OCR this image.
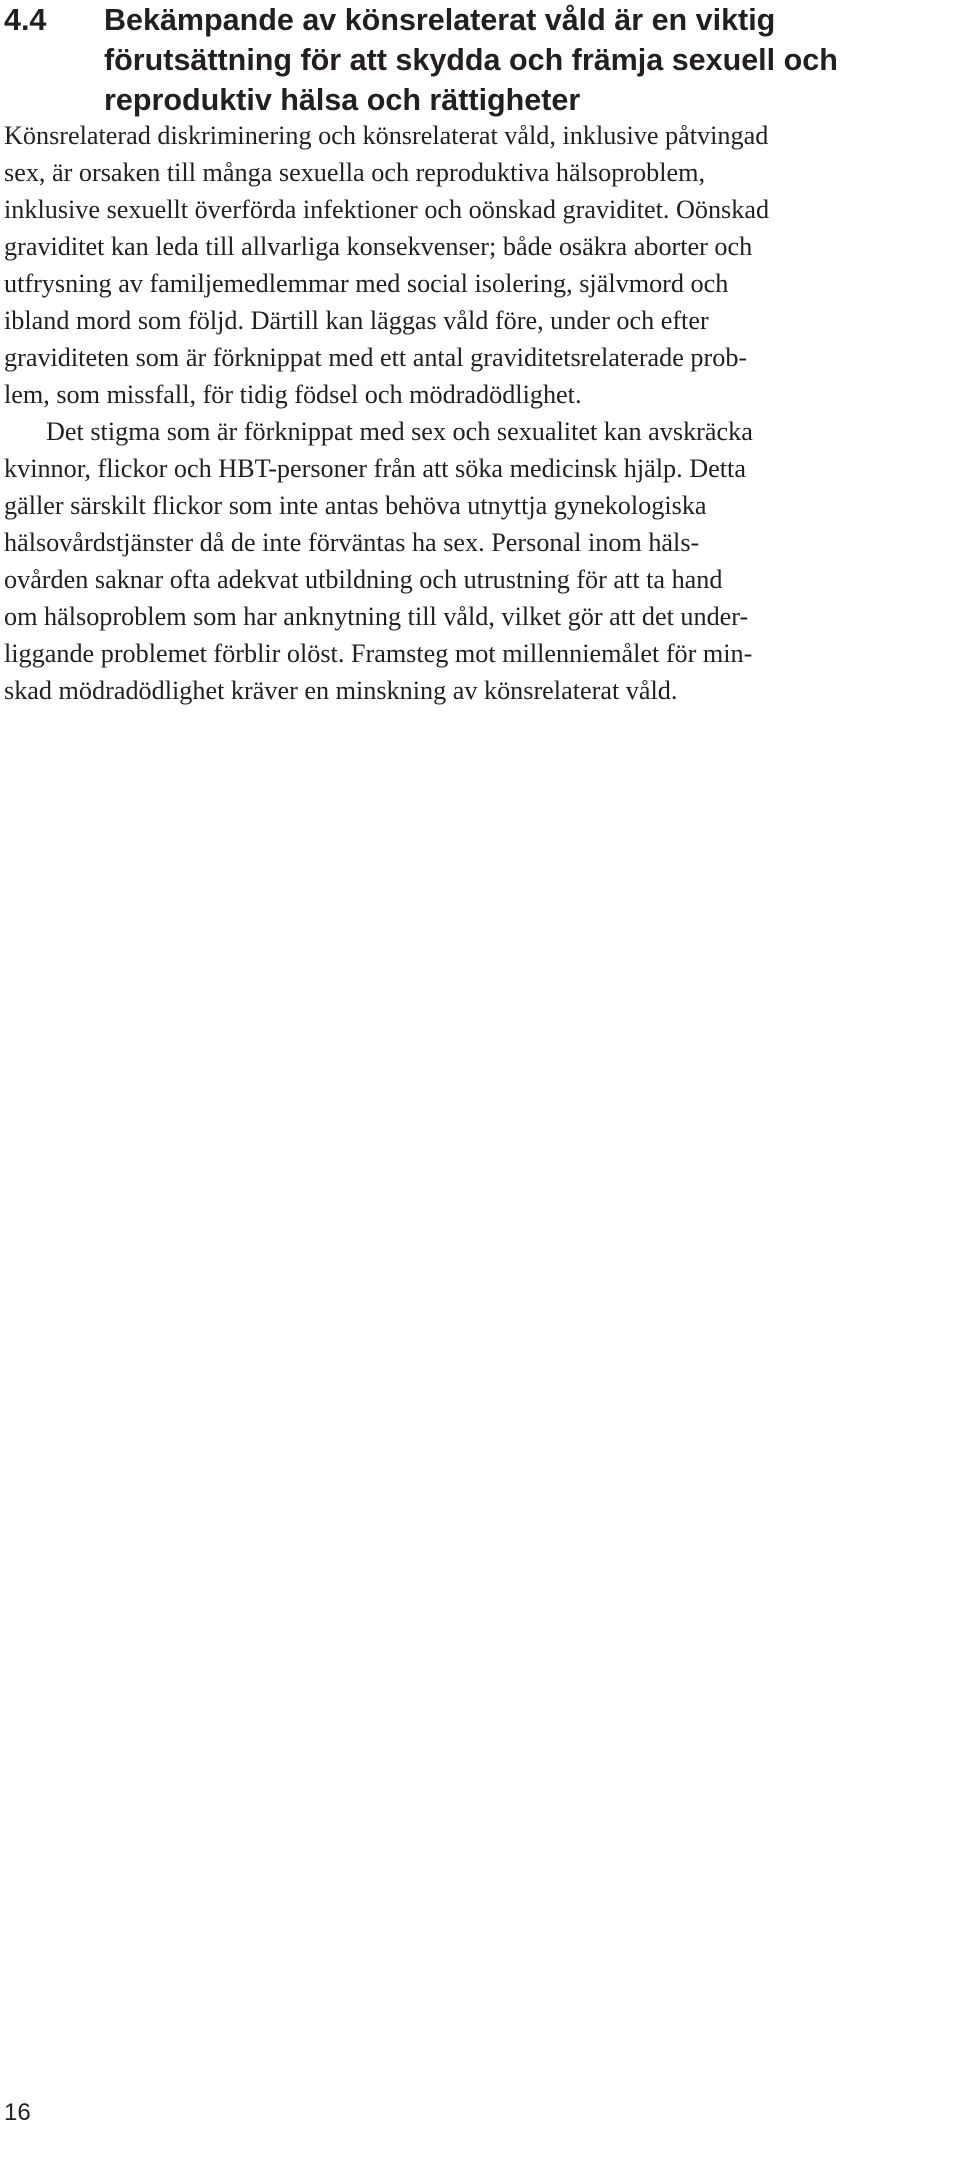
4.4 Bekämpande av könsrelaterat våld är en viktig
förutsättning för att skydda och främja sexuell och
reproduktiv hälsa och rättigheter

Könsrelaterad diskriminering och könsrelaterat våld, inklusive påtvingad
sex, är orsaken till många sexuella och reproduktiva hälsoproblem,
inklusive sexuellt överförda infektioner och oönskad graviditet. Oönskad
graviditet kan leda till allvarliga konsekvenser; både osäkra aborter och
utfrysning av familjemedlemmar med social isolering, självmord och
ibland mord som följd. Därtill kan läggas våld före, under och efter
graviditeten som är förknippat med ett antal graviditetsrelaterade prob-
lem, som missfall, för tidig födsel och mödradödlighet.

Det stigma som är förknippat med sex och sexualitet kan avskräcka
kvinnor, flickor och HBT-personer från att söka medicinsk hjälp. Detta
gäller särskilt flickor som inte antas behöva utnyttja gynekologiska
hälsovårdstjänster då de inte förväntas ha sex. Personal inom häls-
ovården saknar ofta adekvat utbildning och utrustning för att ta hand
om hälsoproblem som har anknytning till våld, vilket gör att det under-
liggande problemet förblir olöst. Framsteg mot millenniemålet för min-
skad mödradödlighet kräver en minskning av könsrelaterat våld.

16
